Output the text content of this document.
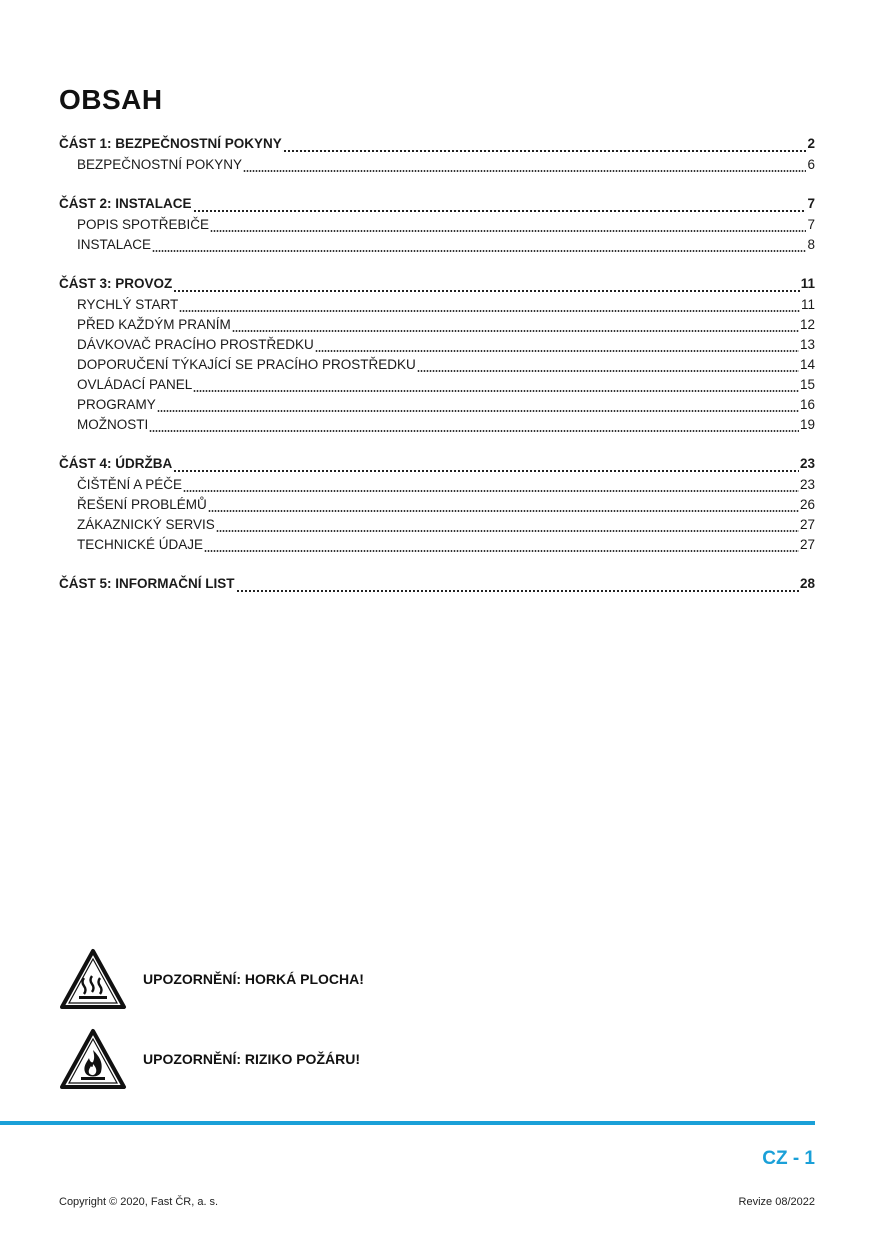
OBSAH
ČÁST 1: BEZPEČNOSTNÍ POKYNY	2
BEZPEČNOSTNÍ POKYNY	6
ČÁST 2: INSTALACE	7
POPIS SPOTŘEBIČE	7
INSTALACE	8
ČÁST 3: PROVOZ	11
RYCHLÝ START	11
PŘED KAŽDÝM PRANÍM	12
DÁVKOVAČ PRACÍHO PROSTŘEDKU	13
DOPORUČENÍ TÝKAJÍCÍ SE PRACÍHO PROSTŘEDKU	14
OVLÁDACÍ PANEL	15
PROGRAMY	16
MOŽNOSTI	19
ČÁST 4: ÚDRŽBA	23
ČIŠTĚNÍ A PÉČE	23
ŘEŠENÍ PROBLÉMŮ	26
ZÁKAZNICKÝ SERVIS	27
TECHNICKÉ ÚDAJE	27
ČÁST 5: INFORMAČNÍ LIST	28
UPOZORNĚNÍ: HORKÁ PLOCHA!
UPOZORNĚNÍ: RIZIKO POŽÁRU!
CZ - 1
Copyright © 2020, Fast ČR, a. s.	Revize 08/2022
